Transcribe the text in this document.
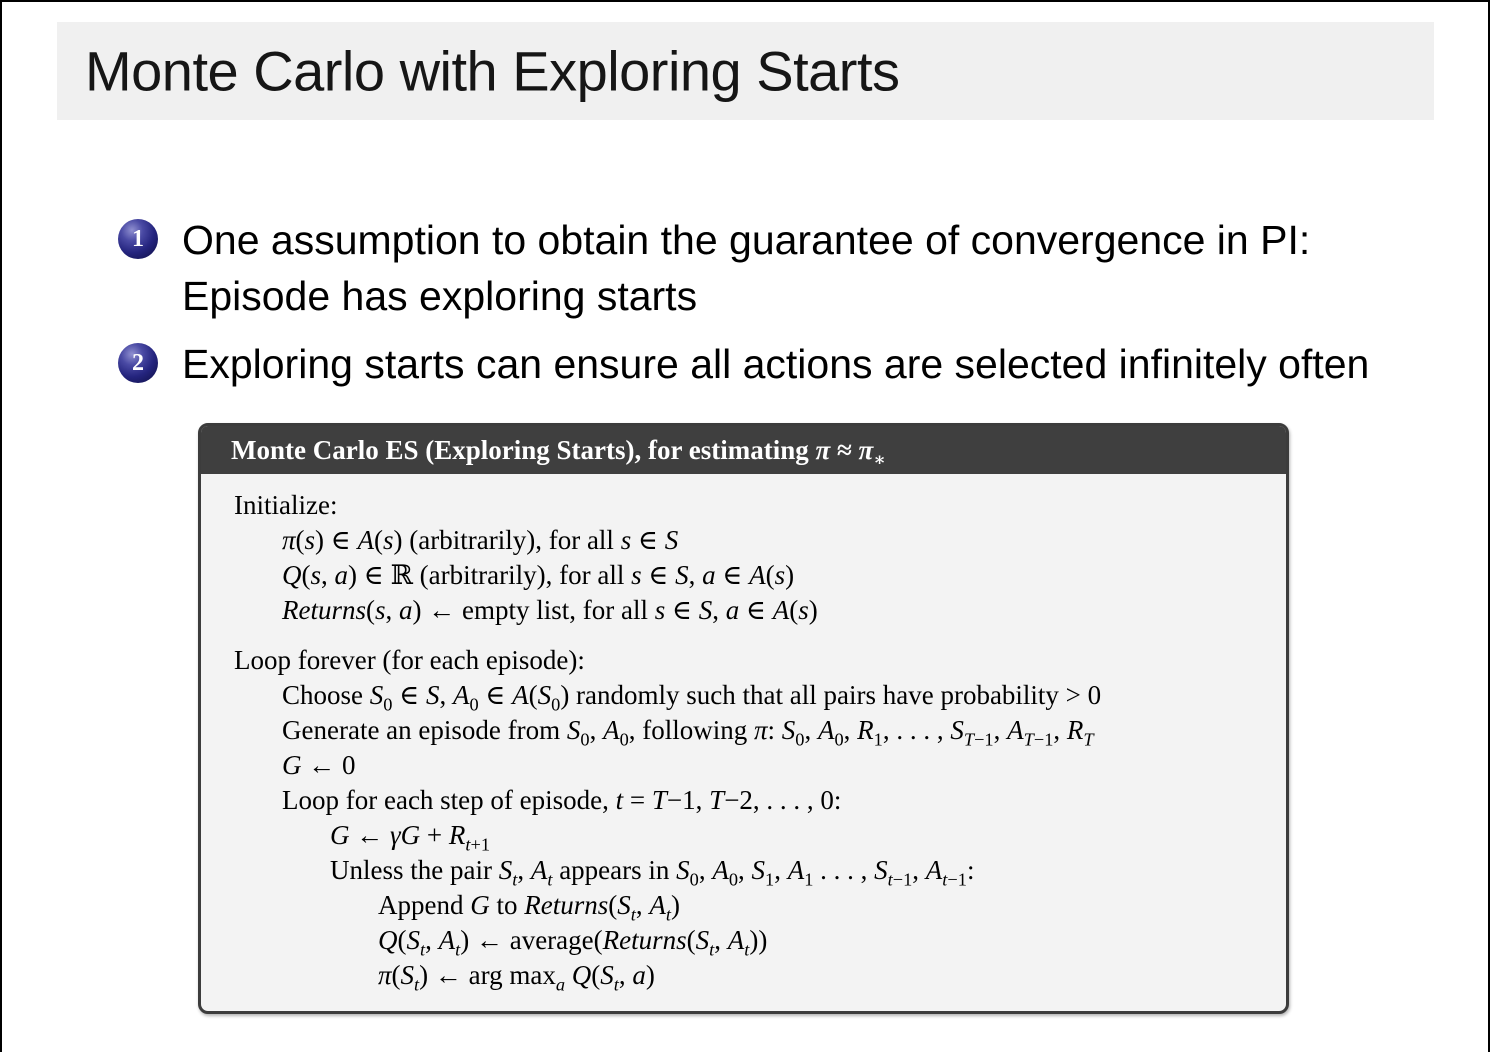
Monte Carlo with Exploring Starts
1 One assumption to obtain the guarantee of convergence in PI:
Episode has exploring starts
2 Exploring starts can ensure all actions are selected infinitely often
Monte Carlo ES (Exploring Starts), for estimating $\pi \approx \pi_∗$
Initialize:
π(s) ∈ A(s) (arbitrarily), for all s ∈ S
Q(s, a) ∈ ℝ (arbitrarily), for all s ∈ S, a ∈ A(s)
Returns(s, a) ← empty list, for all s ∈ S, a ∈ A(s)
Loop forever (for each episode):
Choose $S_0$ ∈ S, $A_0$ ∈ $A(S_0)$ randomly such that all pairs have probability > 0
Generate an episode from $S_0$, $A_0$, following π: $S_0$, $A_0$, $R_1$, . . . , $S_{T-1}$, $A_{T-1}$, $R_T$
G ← 0
Loop for each step of episode, t = T−1, T−2, . . . , 0:
G ← $\gamma G + R_{t+1}$
Unless the pair $S_t$, $A_t$ appears in $S_0$, $A_0$, $S_1$, $A_1$ . . . , $S_{t-1}$, $A_{t-1}$:
Append G to $Returns(S_t$, $A_t$)
$Q(S_t$, $A_t$) ← $average(Returns(S_t$, $A_t$))
$\pi(S_t)$ ← arg $\max_a Q(S_t$, a)
